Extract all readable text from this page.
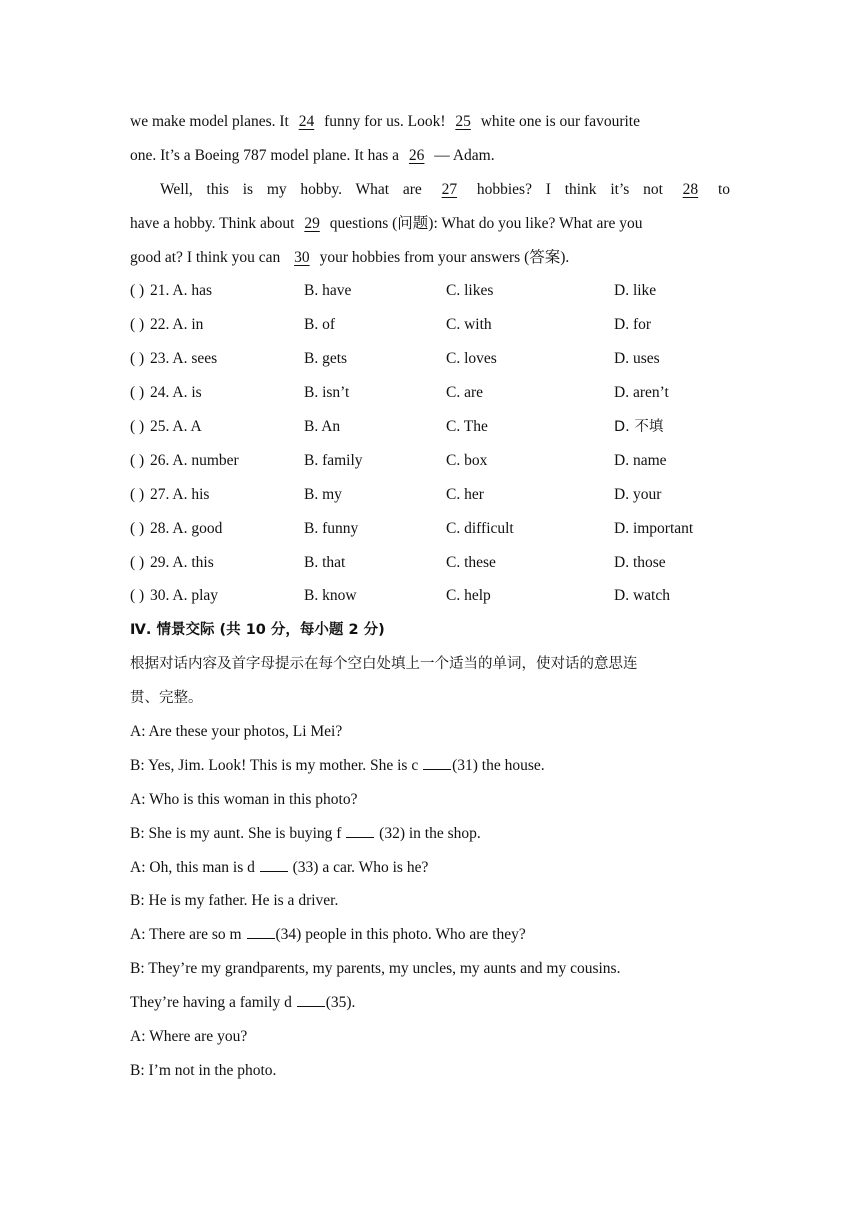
we make model planes. It 24 funny for us. Look! 25 white one is our favourite
one. It’s a Boeing 787 model plane. It has a 26 — Adam.
Well, this is my hobby. What are 27 hobbies? I think it’s not 28 to
have a hobby. Think about 29 questions (问题): What do you like? What are you
good at? I think you can 30 your hobbies from your answers (答案).
( ) 21. A. has	B. have	C. likes	D. like
( ) 22. A. in	B. of	C. with	D. for
( ) 23. A. sees	B. gets	C. loves	D. uses
( ) 24. A. is	B. isn’t	C. are	D. aren’t
( ) 25. A. A	B. An	C. The	D. 不填
( ) 26. A. number	B. family	C. box	D. name
( ) 27. A. his	B. my	C. her	D. your
( ) 28. A. good	B. funny	C. difficult	D. important
( ) 29. A. this	B. that	C. these	D. those
( ) 30. A. play	B. know	C. help	D. watch
Ⅳ. 情景交际 (共 10 分，每小题 2 分)
根据对话内容及首字母提示在每个空白处填上一个适当的单词，使对话的意思连
贯、完整。
A: Are these your photos, Li Mei?
B: Yes, Jim. Look! This is my mother. She is c (31) the house.
A: Who is this woman in this photo?
B: She is my aunt. She is buying f  (32) in the shop.
A: Oh, this man is d  (33) a car. Who is he?
B: He is my father. He is a driver.
A: There are so m (34) people in this photo. Who are they?
B: They’re my grandparents, my parents, my uncles, my aunts and my cousins.
They’re having a family d (35).
A: Where are you?
B: I’m not in the photo.
